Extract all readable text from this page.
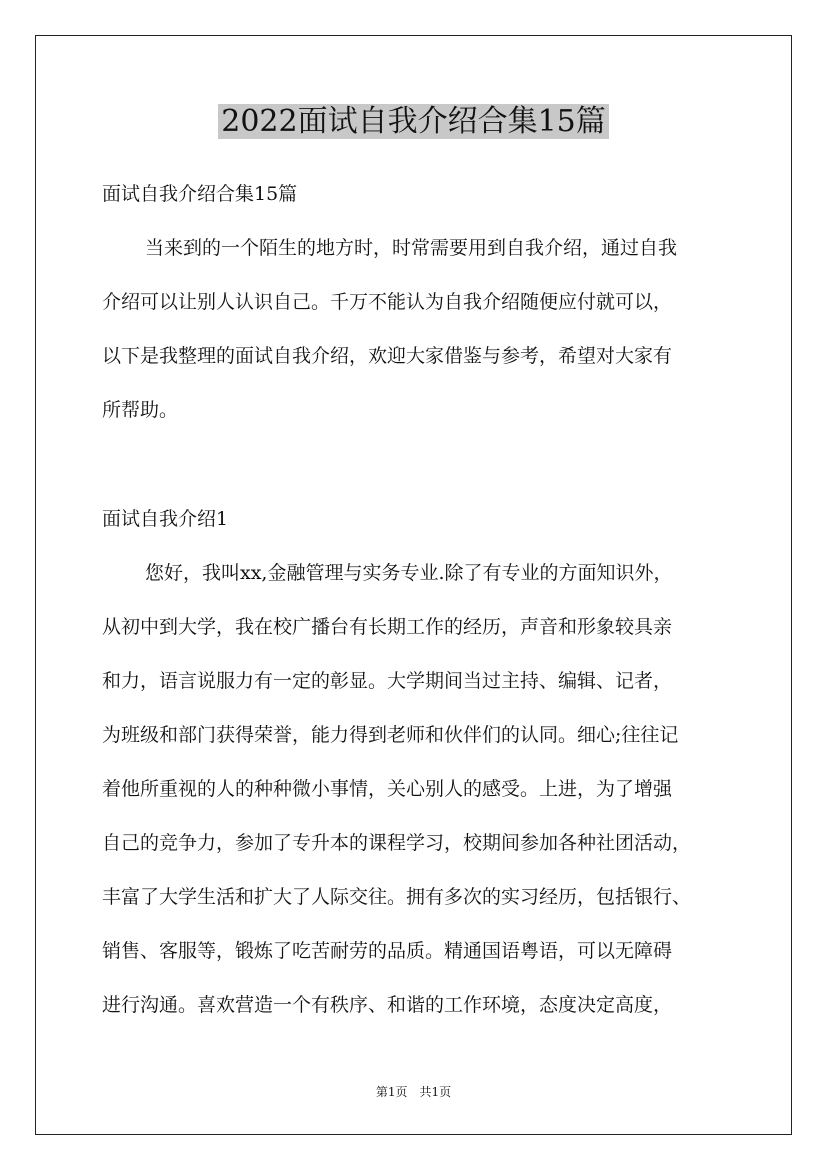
2022面试自我介绍合集15篇

面试自我介绍合集15篇

当来到的一个陌生的地方时，时常需要用到自我介绍，通过自我

介绍可以让别人认识自己。千万不能认为自我介绍随便应付就可以，

以下是我整理的面试自我介绍，欢迎大家借鉴与参考，希望对大家有

所帮助。

面试自我介绍1

您好，我叫xx,金融管理与实务专业.除了有专业的方面知识外，

从初中到大学，我在校广播台有长期工作的经历，声音和形象较具亲

和力，语言说服力有一定的彰显。大学期间当过主持、编辑、记者，

为班级和部门获得荣誉，能力得到老师和伙伴们的认同。细心;往往记

着他所重视的人的种种微小事情，关心别人的感受。上进，为了增强

自己的竞争力，参加了专升本的课程学习，校期间参加各种社团活动，

丰富了大学生活和扩大了人际交往。拥有多次的实习经历，包括银行、

销售、客服等，锻炼了吃苦耐劳的品质。精通国语粤语，可以无障碍

进行沟通。喜欢营造一个有秩序、和谐的工作环境，态度决定高度，

第1页　共1页
